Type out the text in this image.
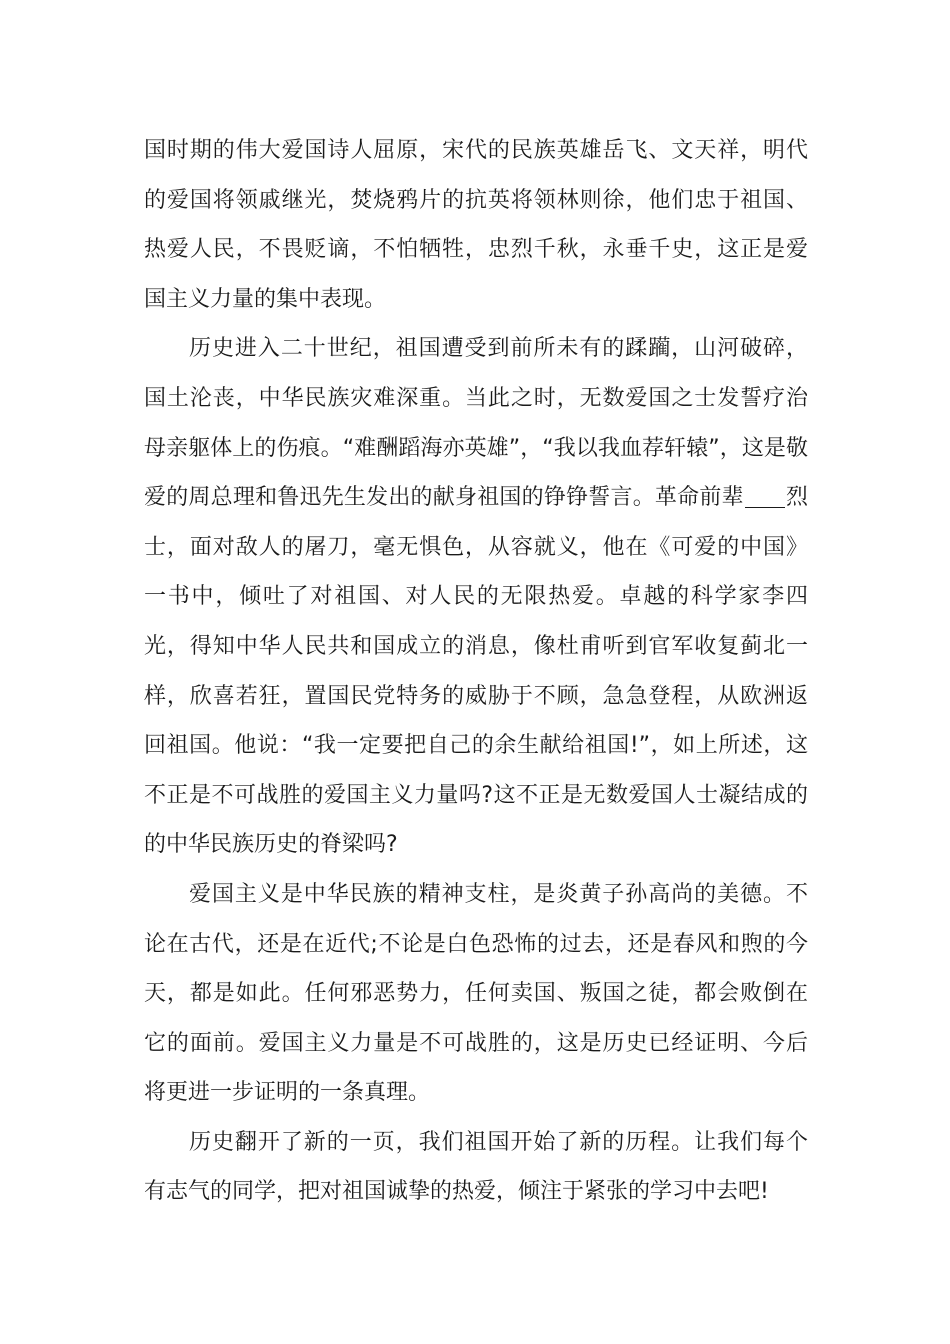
国时期的伟大爱国诗人屈原，宋代的民族英雄岳飞、文天祥，明代
的爱国将领戚继光，焚烧鸦片的抗英将领林则徐，他们忠于祖国、
热爱人民，不畏贬谪，不怕牺牲，忠烈千秋，永垂千史，这正是爱
国主义力量的集中表现。
历史进入二十世纪，祖国遭受到前所未有的蹂躏，山河破碎，
国土沦丧，中华民族灾难深重。当此之时，无数爱国之士发誓疗治
母亲躯体上的伤痕。“难酬蹈海亦英雄”，“我以我血荐轩辕”，这是敬
爱的周总理和鲁迅先生发出的献身祖国的铮铮誓言。革命前辈 烈
士，面对敌人的屠刀，毫无惧色，从容就义，他在《可爱的中国》
一书中，倾吐了对祖国、对人民的无限热爱。卓越的科学家李四
光，得知中华人民共和国成立的消息，像杜甫听到官军收复蓟北一
样，欣喜若狂，置国民党特务的威胁于不顾，急急登程，从欧洲返
回祖国。他说：“我一定要把自己的余生献给祖国!”，如上所述，这
不正是不可战胜的爱国主义力量吗?这不正是无数爱国人士凝结成的
的中华民族历史的脊梁吗?
爱国主义是中华民族的精神支柱，是炎黄子孙高尚的美德。不
论在古代，还是在近代;不论是白色恐怖的过去，还是春风和煦的今
天，都是如此。任何邪恶势力，任何卖国、叛国之徒，都会败倒在
它的面前。爱国主义力量是不可战胜的，这是历史已经证明、今后
将更进一步证明的一条真理。
历史翻开了新的一页，我们祖国开始了新的历程。让我们每个
有志气的同学，把对祖国诚挚的热爱，倾注于紧张的学习中去吧!
